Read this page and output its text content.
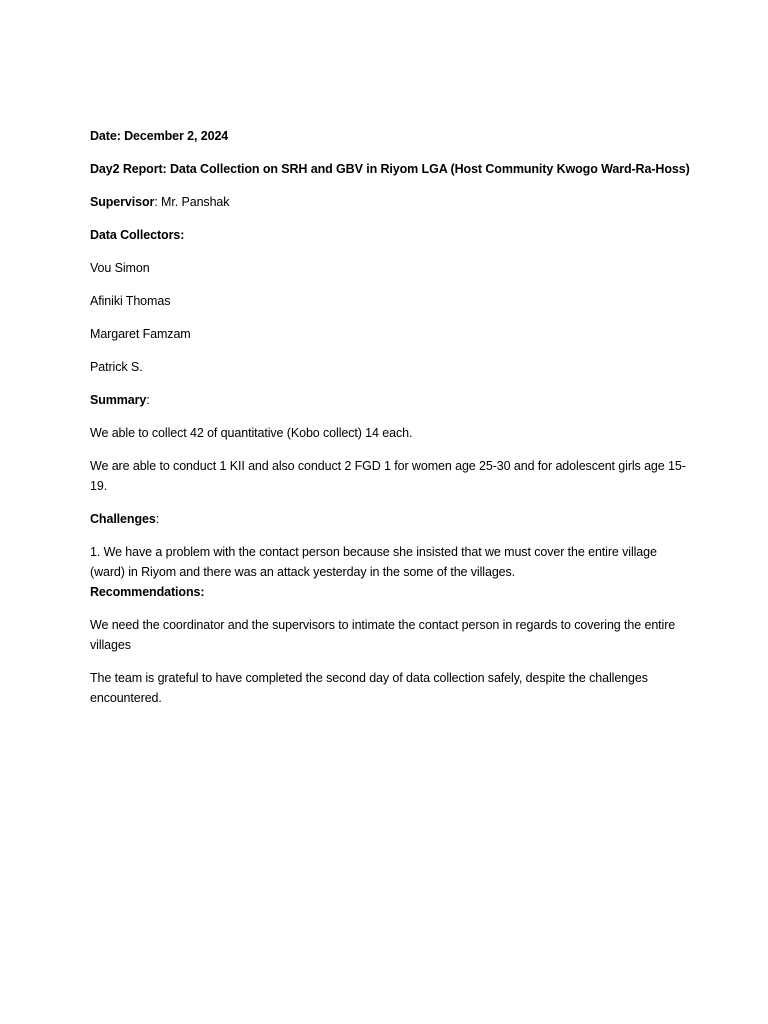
Date: December 2, 2024

Day2 Report: Data Collection on SRH and GBV in Riyom LGA (Host Community Kwogo Ward-Ra-Hoss)

Supervisor: Mr. Panshak

Data Collectors:

Vou Simon

Afiniki Thomas

Margaret Famzam

Patrick S.

Summary:

We able to collect 42 of quantitative (Kobo collect) 14 each.

We are able to conduct 1 KII and also conduct 2 FGD 1 for women age 25-30 and for adolescent girls age 15-19.

Challenges:

1. We have a problem with the contact person because she insisted that we must cover the entire village (ward) in Riyom and there was an attack yesterday in the some of the villages.

Recommendations:

We need the coordinator and the supervisors to intimate the contact person in regards to covering the entire villages

The team is grateful to have completed the second day of data collection safely, despite the challenges encountered.
